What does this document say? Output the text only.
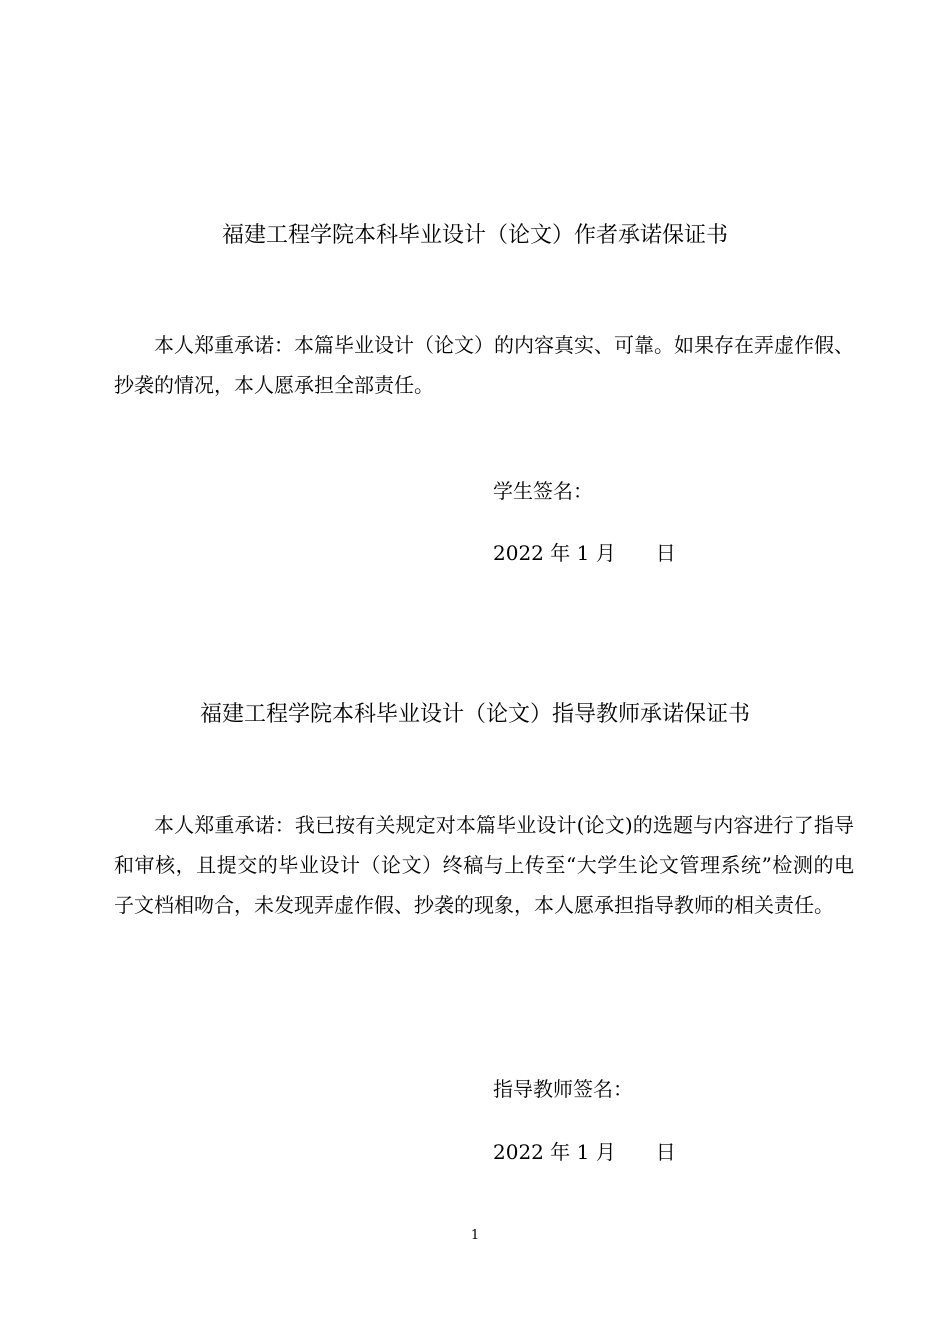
福建工程学院本科毕业设计（论文）作者承诺保证书
本人郑重承诺：本篇毕业设计（论文）的内容真实、可靠。如果存在弄虚作假、抄袭的情况，本人愿承担全部责任。
学生签名：
2022 年 1 月 日
福建工程学院本科毕业设计（论文）指导教师承诺保证书
本人郑重承诺：我已按有关规定对本篇毕业设计(论文)的选题与内容进行了指导和审核，且提交的毕业设计（论文）终稿与上传至“大学生论文管理系统”检测的电子文档相吻合，未发现弄虚作假、抄袭的现象，本人愿承担指导教师的相关责任。
指导教师签名：
2022 年 1 月 日
1
